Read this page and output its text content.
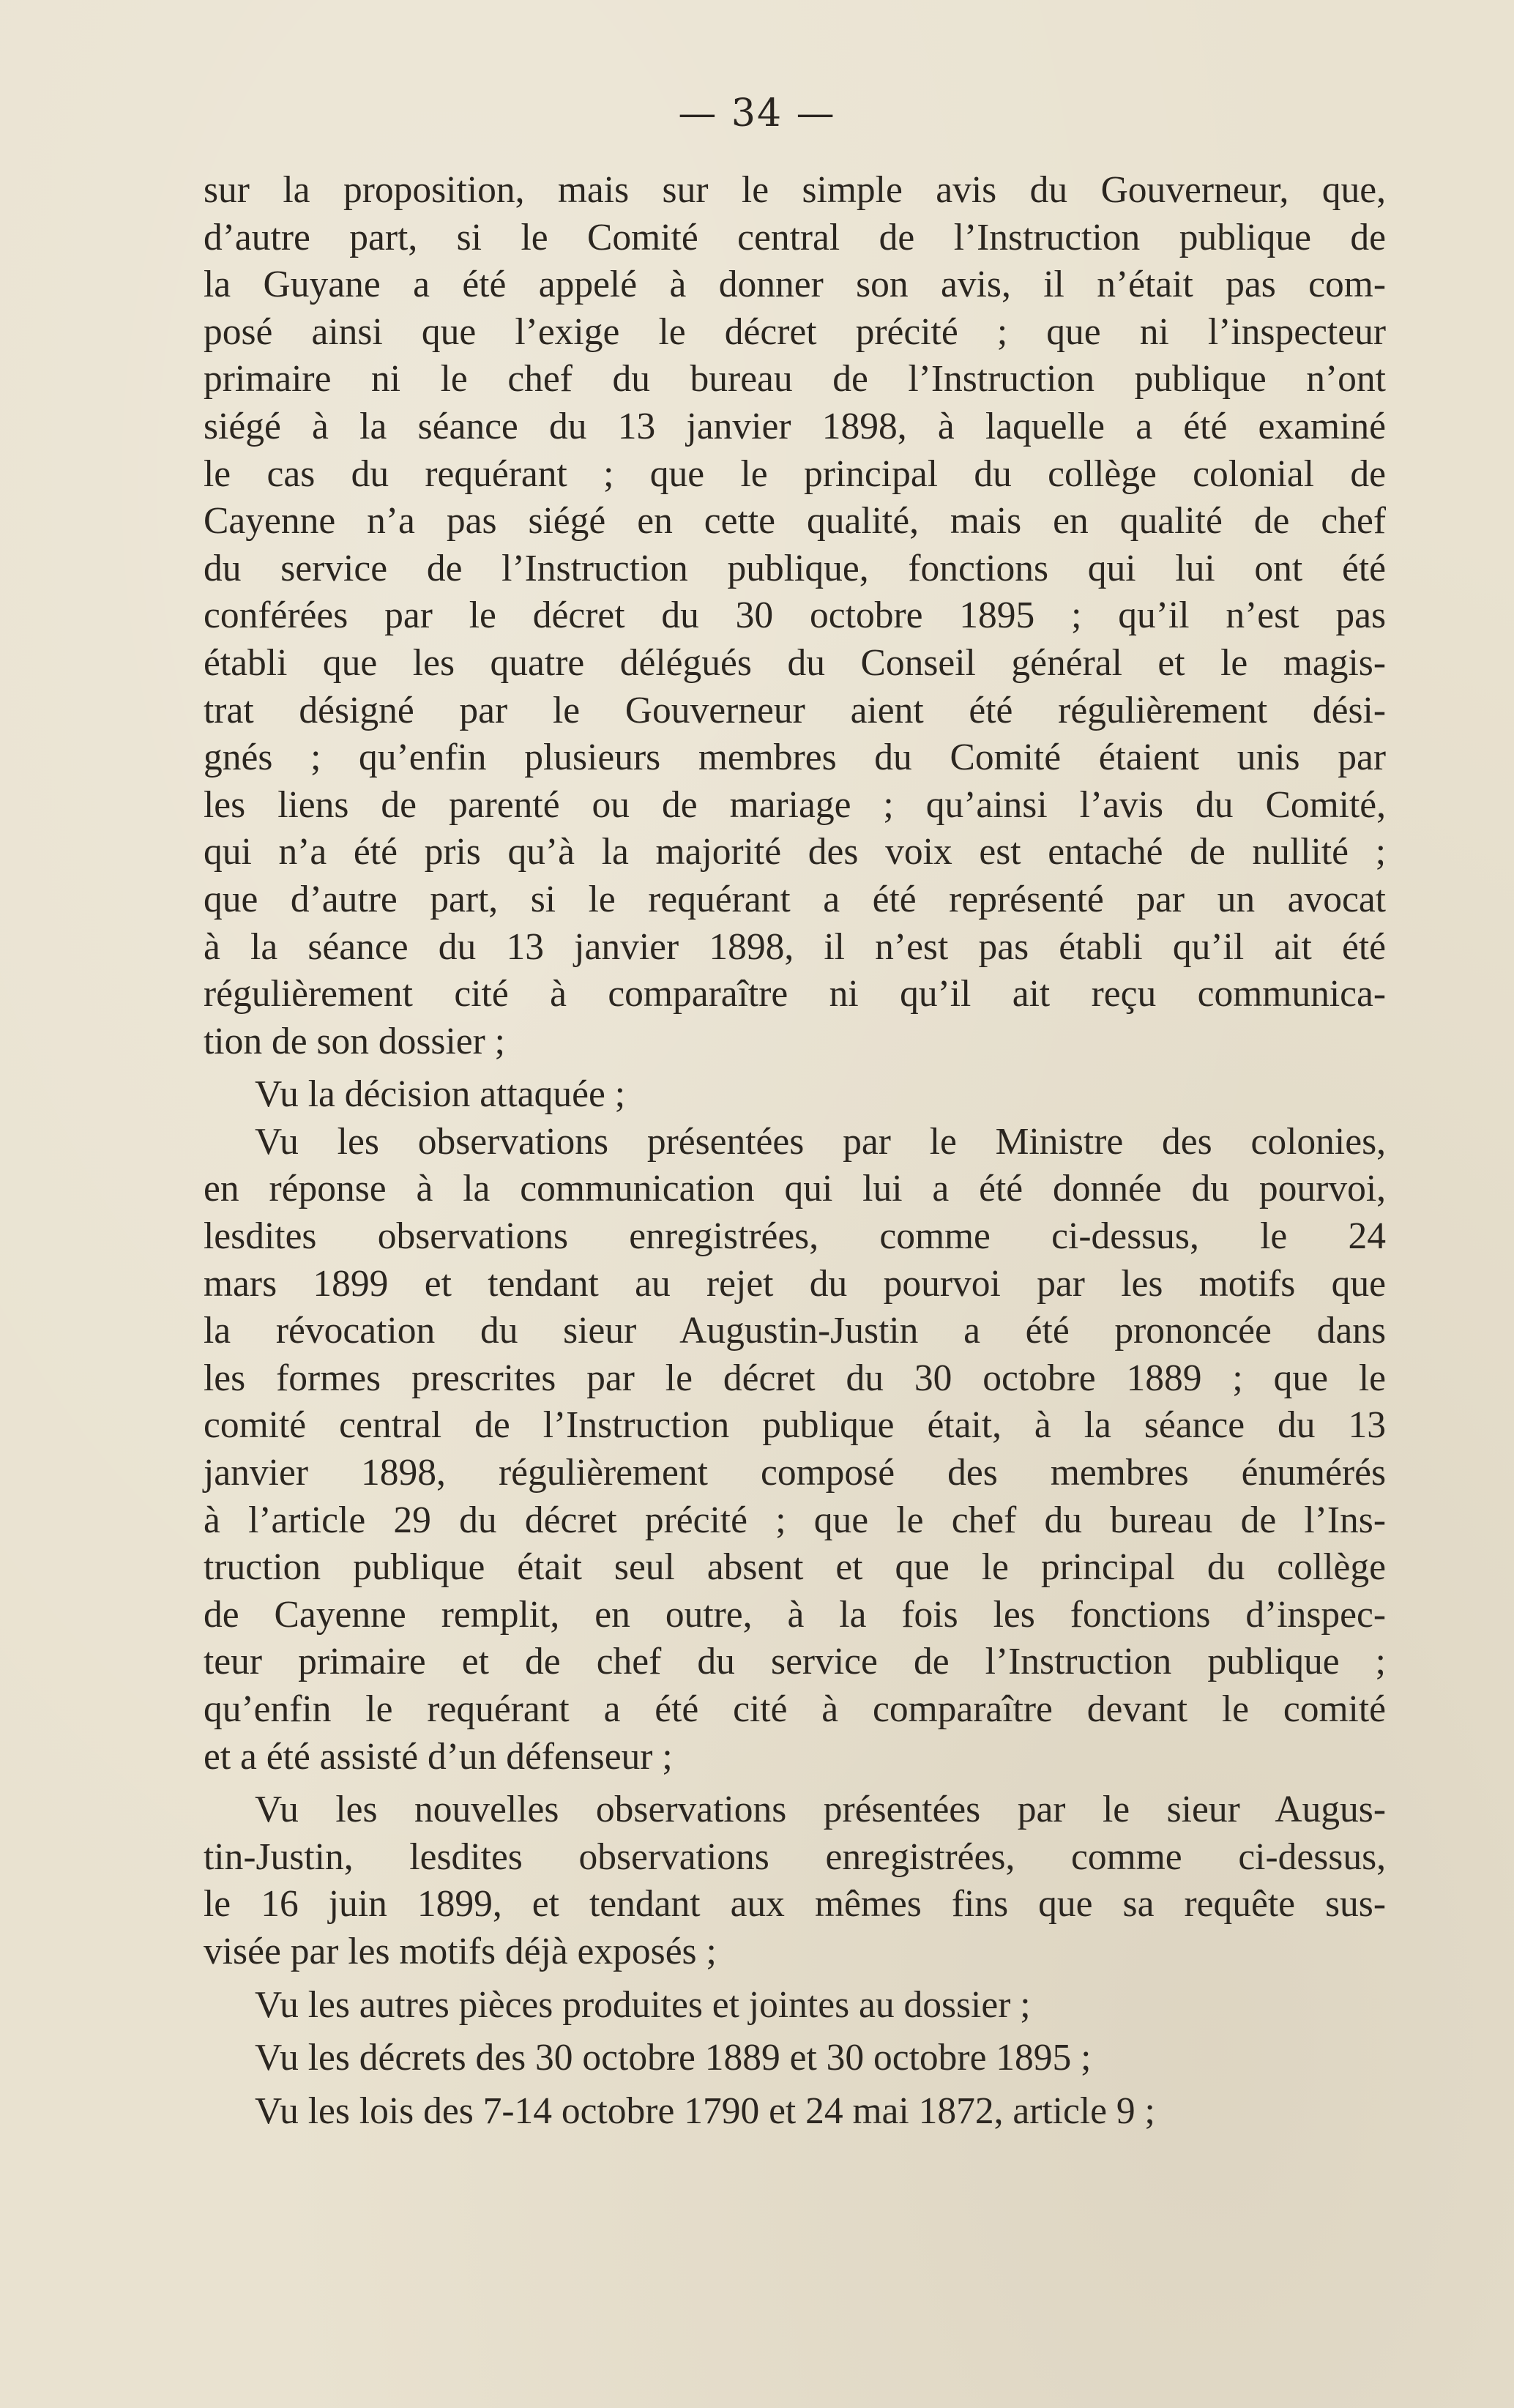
— 34 —

sur la proposition, mais sur le simple avis du Gouverneur, que,

d’autre part, si le Comité central de l’Instruction publique de

la Guyane a été appelé à donner son avis, il n’était pas com-

posé ainsi que l’exige le décret précité ; que ni l’inspecteur

primaire ni le chef du bureau de l’Instruction publique n’ont

siégé à la séance du 13 janvier 1898, à laquelle a été examiné

le cas du requérant ; que le principal du collège colonial de

Cayenne n’a pas siégé en cette qualité, mais en qualité de chef

du service de l’Instruction publique, fonctions qui lui ont été

conférées par le décret du 30 octobre 1895 ; qu’il n’est pas

établi que les quatre délégués du Conseil général et le magis-

trat désigné par le Gouverneur aient été régulièrement dési-

gnés ; qu’enfin plusieurs membres du Comité étaient unis par

les liens de parenté ou de mariage ; qu’ainsi l’avis du Comité,

qui n’a été pris qu’à la majorité des voix est entaché de nullité ;

que d’autre part, si le requérant a été représenté par un avocat

à la séance du 13 janvier 1898, il n’est pas établi qu’il ait été

régulièrement cité à comparaître ni qu’il ait reçu communica-

tion de son dossier ;

Vu la décision attaquée ;

Vu les observations présentées par le Ministre des colonies,

en réponse à la communication qui lui a été donnée du pourvoi,

lesdites observations enregistrées, comme ci-dessus, le 24

mars 1899 et tendant au rejet du pourvoi par les motifs que

la révocation du sieur Augustin-Justin a été prononcée dans

les formes prescrites par le décret du 30 octobre 1889 ; que le

comité central de l’Instruction publique était, à la séance du 13

janvier 1898, régulièrement composé des membres énumérés

à l’article 29 du décret précité ; que le chef du bureau de l’Ins-

truction publique était seul absent et que le principal du collège

de Cayenne remplit, en outre, à la fois les fonctions d’inspec-

teur primaire et de chef du service de l’Instruction publique ;

qu’enfin le requérant a été cité à comparaître devant le comité

et a été assisté d’un défenseur ;

Vu les nouvelles observations présentées par le sieur Augus-

tin-Justin, lesdites observations enregistrées, comme ci-dessus,

le 16 juin 1899, et tendant aux mêmes fins que sa requête sus-

visée par les motifs déjà exposés ;

Vu les autres pièces produites et jointes au dossier ;

Vu les décrets des 30 octobre 1889 et 30 octobre 1895 ;

Vu les lois des 7-14 octobre 1790 et 24 mai 1872, article 9 ;
